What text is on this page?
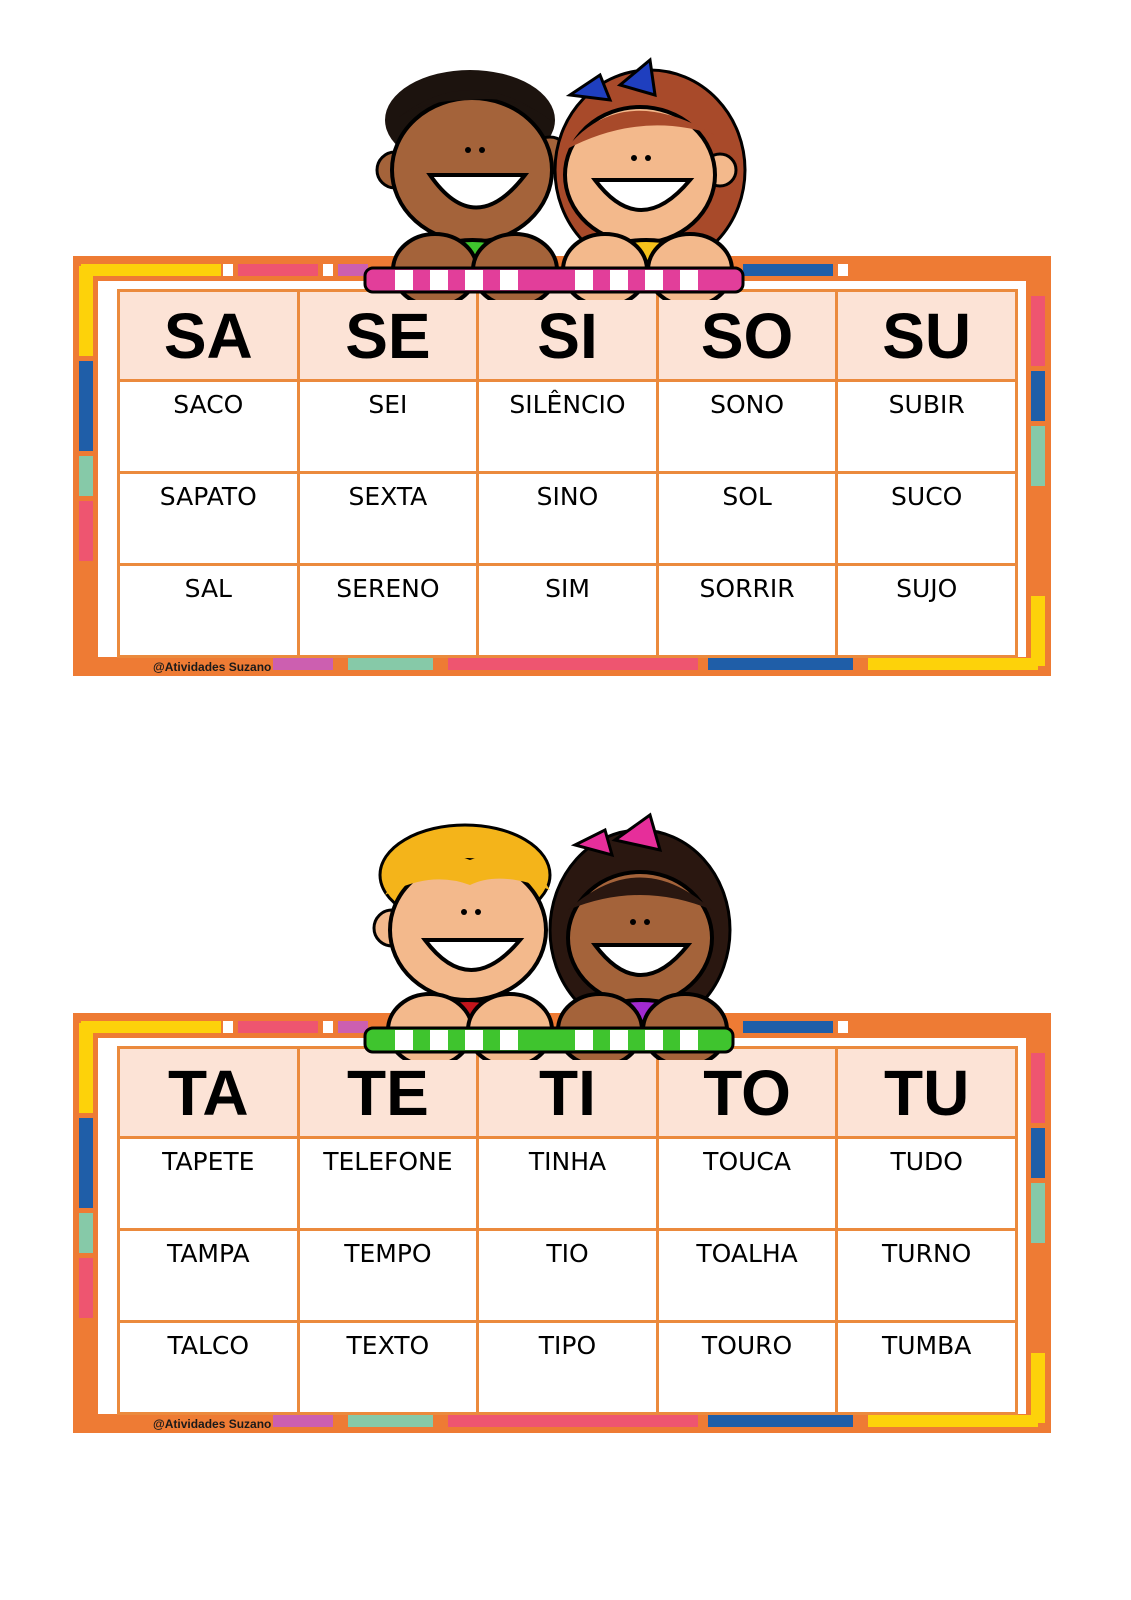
SA	SE	SI	SO	SU
SACO	SEI	SILÊNCIO	SONO	SUBIR
SAPATO	SEXTA	SINO	SOL	SUCO
SAL	SERENO	SIM	SORRIR	SUJO
@Atividades Suzano
TA	TE	TI	TO	TU
TAPETE	TELEFONE	TINHA	TOUCA	TUDO
TAMPA	TEMPO	TIO	TOALHA	TURNO
TALCO	TEXTO	TIPO	TOURO	TUMBA
@Atividades Suzano
